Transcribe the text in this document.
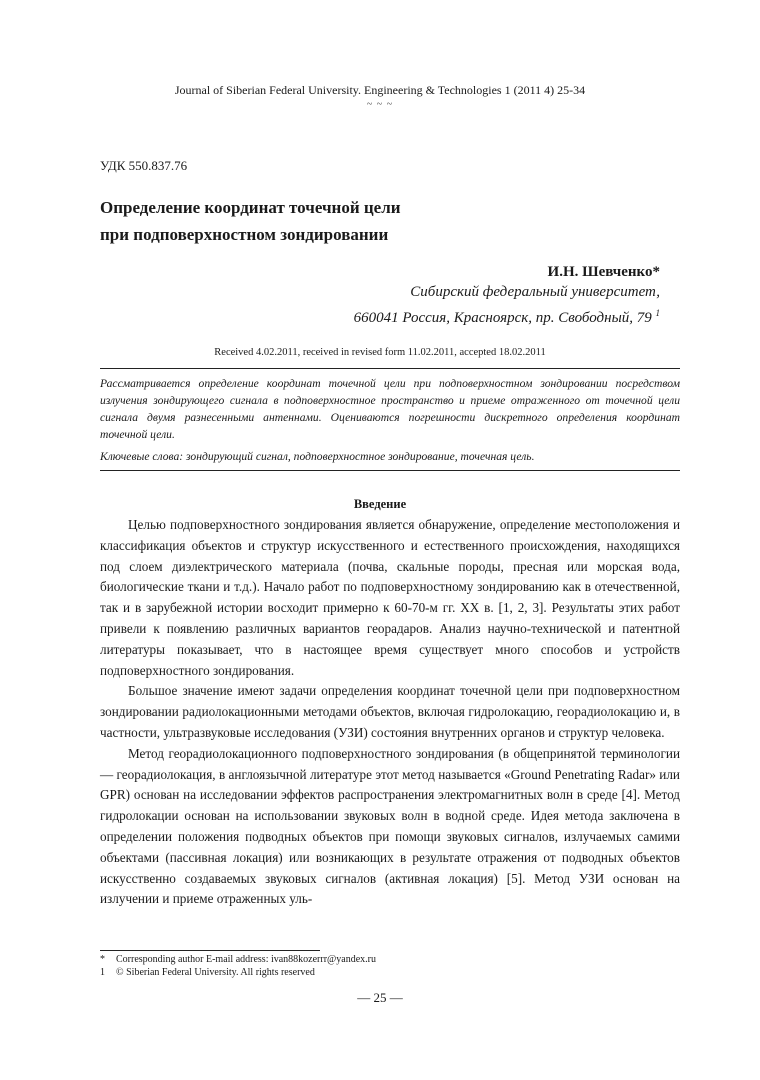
Journal of Siberian Federal University. Engineering & Technologies 1 (2011 4) 25-34
~ ~ ~
УДК 550.837.76
Определение координат точечной цели
при подповерхностном зондировании
И.Н. Шевченко*
Сибирский федеральный университет,
660041 Россия, Красноярск, пр. Свободный, 79 $^1$
Received 4.02.2011, received in revised form 11.02.2011, accepted 18.02.2011
Рассматривается определение координат точечной цели при подповерхностном зондировании посредством излучения зондирующего сигнала в подповерхностное пространство и приеме отраженного от точечной цели сигнала двумя разнесенными антеннами. Оцениваются погрешности дискретного определения координат точечной цели.
Ключевые слова: зондирующий сигнал, подповерхностное зондирование, точечная цель.
Введение

Целью подповерхностного зондирования является обнаружение, определение местоположения и классификация объектов и структур искусственного и естественного происхождения, находящихся под слоем диэлектрического материала (почва, скальные породы, пресная или морская вода, биологические ткани и т.д.). Начало работ по подповерхностному зондированию как в отечественной, так и в зарубежной истории восходит примерно к 60-70-м гг. XX в. [1, 2, 3]. Результаты этих работ привели к появлению различных вариантов георадаров. Анализ научно-технической и патентной литературы показывает, что в настоящее время существует много способов и устройств подповерхностного зондирования.

Большое значение имеют задачи определения координат точечной цели при подповерхностном зондировании радиолокационными методами объектов, включая гидролокацию, георадиолокацию и, в частности, ультразвуковые исследования (УЗИ) состояния внутренних органов и структур человека.

Метод георадиолокационного подповерхностного зондирования (в общепринятой терминологии — георадиолокация, в англоязычной литературе этот метод называется «Ground Penetrating Radar» или GPR) основан на исследовании эффектов распространения электромагнитных волн в среде [4]. Метод гидролокации основан на использовании звуковых волн в водной среде. Идея метода заключена в определении положения подводных объектов при помощи звуковых сигналов, излучаемых самими объектами (пассивная локация) или возникающих в результате отражения от подводных объектов искусственно создаваемых звуковых сигналов (активная локация) [5]. Метод УЗИ основан на излучении и приеме отраженных уль-

*	Corresponding author E-mail address: ivan88kozerrr@yandex.ru
1	© Siberian Federal University. All rights reserved
— 25 —
